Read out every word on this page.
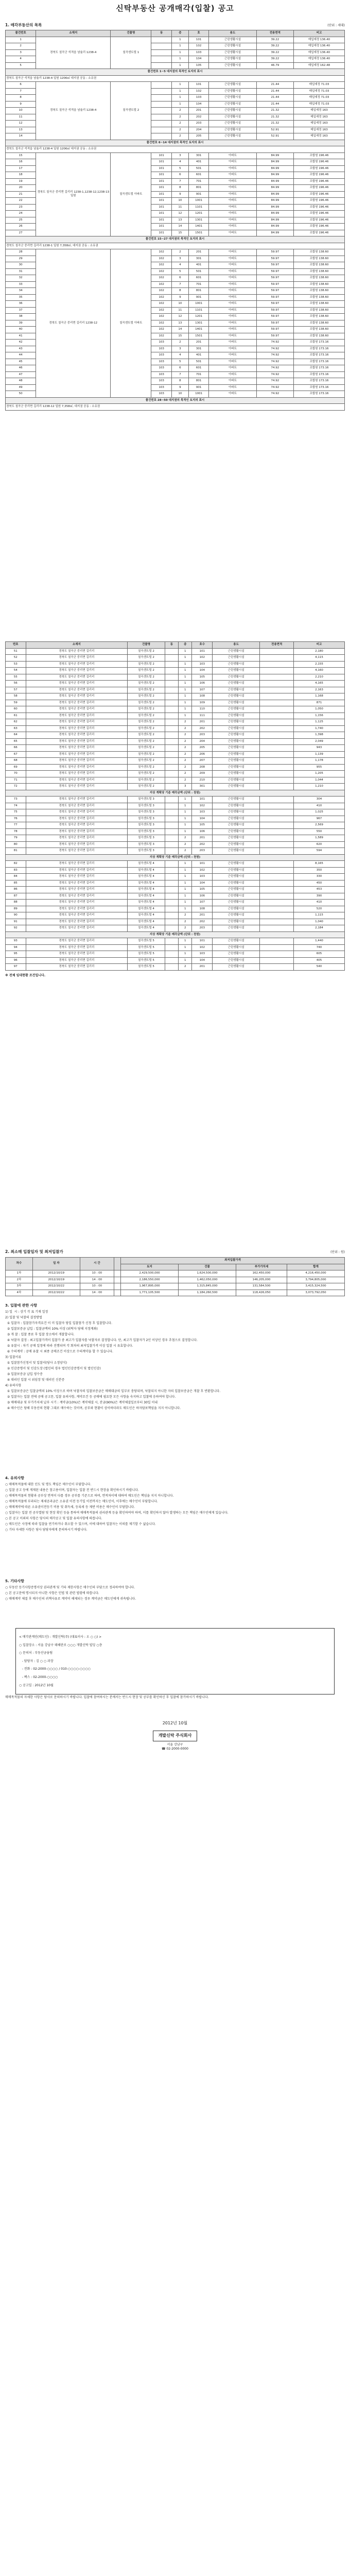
신탁부동산 공개매각(입찰) 공고
1. 매각부동산의 목록	(단위 : 세대)
물건번호	소재지	건물명	동	층	호	용도	전용면적	비고
1	경북도 칠곡군 석적읍 남율리 1238-4	칠곡센트럴 1		1	101	근린생활시설	39.22	매입예정 136.40
2				1	102	근린생활시설	39.22	매입예정 136.40
3				1	103	근린생활시설	39.22	매입예정 136.40
4				1	104	근린생활시설	39.22	매입예정 136.40
5				1	105	근린생활시설	46.79	매입예정 162.48
물건번호 1~5 대지권의 목적인 토지의 표시								
경북도 칠곡군 석적읍 남율리 1238-4 일원 1206㎡ 대지권 공동 : 소유권								
6	경북도 칠곡군 석적읍 남율리 1238-4	칠곡센트럴 2		1	101	근린생활시설	21.44	매입예정 71.03
7				1	102	근린생활시설	21.44	매입예정 71.03
8				1	103	근린생활시설	21.44	매입예정 71.03
9				1	104	근린생활시설	21.44	매입예정 71.03
10				2	201	근린생활시설	21.32	매입예정 163
11				2	202	근린생활시설	21.32	매입예정 163
12				2	203	근린생활시설	21.32	매입예정 163
13				2	204	근린생활시설	52.91	매입예정 163
14				2	205	근린생활시설	52.91	매입예정 163
물건번호 6~14 대지권의 목적인 토지의 표시								
경북도 칠곡군 석적읍 남율리 1238-4 일원 1206㎡ 대지권 공동 : 소유권								
15	경북도 칠곡군 중리면 길리리 1238-1,1238-12,1238-13 일원	칠곡센트럴 아파트	101	3	301	아파트	84.99	조합원 196.46
16			101	4	401	아파트	84.99	조합원 196.46
17			101	5	501	아파트	84.99	조합원 196.46
18			101	6	601	아파트	84.99	조합원 196.46
19			101	7	701	아파트	84.99	조합원 196.46
20			101	8	801	아파트	84.99	조합원 196.46
21			101	9	901	아파트	84.99	조합원 196.46
22			101	10	1001	아파트	84.99	조합원 196.46
23			101	11	1101	아파트	84.99	조합원 196.46
24			101	12	1201	아파트	84.99	조합원 196.46
25			101	13	1301	아파트	84.99	조합원 196.46
26			101	14	1401	아파트	84.99	조합원 196.46
27			101	15	1501	아파트	84.99	조합원 196.46
물건번호 15~27 대지권의 목적인 토지의 표시								
경북도 칠곡군 중리면 길리리 1238-1 일원 7,358㎡, 대지권 공동 : 소유권								
28	경북도 칠곡군 중리면 길리리 1238-12	칠곡센트럴 아파트	102	2	201	아파트	59.97	조합원 138.60
29			102	3	301	아파트	59.97	조합원 138.60
30			102	4	401	아파트	59.97	조합원 138.60
31			102	5	501	아파트	59.97	조합원 138.60
32			102	6	601	아파트	59.97	조합원 138.60
33			102	7	701	아파트	59.97	조합원 138.60
34			102	8	801	아파트	59.97	조합원 138.60
35			102	9	901	아파트	59.97	조합원 138.60
36			102	10	1001	아파트	59.97	조합원 138.60
37			102	11	1101	아파트	59.97	조합원 138.60
38			102	12	1201	아파트	59.97	조합원 138.60
39			102	13	1301	아파트	59.97	조합원 138.60
40			102	14	1401	아파트	59.97	조합원 138.60
41			102	15	1501	아파트	59.97	조합원 138.60
42			103	2	201	아파트	74.92	조합원 173.16
43			103	3	301	아파트	74.92	조합원 173.16
44			103	4	401	아파트	74.92	조합원 173.16
45			103	5	501	아파트	74.92	조합원 173.16
46			103	6	601	아파트	74.92	조합원 173.16
47			103	7	701	아파트	74.92	조합원 173.16
48			103	8	801	아파트	74.92	조합원 173.16
49			103	9	901	아파트	74.92	조합원 173.16
50			103	10	1001	아파트	74.92	조합원 173.16
물건번호 28~50 대지권의 목적인 토지의 표시								
경북도 칠곡군 중리면 길리리 1238-12 일원 7,358㎡, 대지권 공동 : 소유권								
번호	소재지	건물명	동	층	호수	용도	전용면적	비고
51	경북도 칠곡군 중리면 길리리	칠곡센트럴 2		1	101	근린생활시설		2,180
52	경북도 칠곡군 중리면 길리리	칠곡센트럴 2		1	102	근린생활시설		4,115
53	경북도 칠곡군 중리면 길리리	칠곡센트럴 2		1	103	근린생활시설		2,155
54	경북도 칠곡군 중리면 길리리	칠곡센트럴 2		1	104	근린생활시설		4,160
55	경북도 칠곡군 중리면 길리리	칠곡센트럴 2		1	105	근린생활시설		2,210
56	경북도 칠곡군 중리면 길리리	칠곡센트럴 2		1	106	근린생활시설		4,165
57	경북도 칠곡군 중리면 길리리	칠곡센트럴 2		1	107	근린생활시설		2,163
58	경북도 칠곡군 중리면 길리리	칠곡센트럴 2		1	108	근린생활시설		1,168
59	경북도 칠곡군 중리면 길리리	칠곡센트럴 2		1	109	근린생활시설		871
60	경북도 칠곡군 중리면 길리리	칠곡센트럴 2		1	110	근린생활시설		1,050
61	경북도 칠곡군 중리면 길리리	칠곡센트럴 2		1	111	근린생활시설		1,156
62	경북도 칠곡군 중리면 길리리	칠곡센트럴 2		2	201	근린생활시설		1,125
63	경북도 칠곡군 중리면 길리리	칠곡센트럴 2		2	202	근린생활시설		1,740
64	경북도 칠곡군 중리면 길리리	칠곡센트럴 2		2	203	근린생활시설		1,398
65	경북도 칠곡군 중리면 길리리	칠곡센트럴 2		2	204	근린생활시설		2,049
66	경북도 칠곡군 중리면 길리리	칠곡센트럴 2		2	205	근린생활시설		943
67	경북도 칠곡군 중리면 길리리	칠곡센트럴 2		2	206	근린생활시설		1,139
68	경북도 칠곡군 중리면 길리리	칠곡센트럴 2		2	207	근린생활시설		1,178
69	경북도 칠곡군 중리면 길리리	칠곡센트럴 2		2	208	근린생활시설		955
70	경북도 칠곡군 중리면 길리리	칠곡센트럴 2		2	209	근린생활시설		1,205
71	경북도 칠곡군 중리면 길리리	칠곡센트럴 2		2	210	근린생활시설		1,044
72	경북도 칠곡군 중리면 길리리	칠곡센트럴 2		3	301	근린생활시설		1,210
지상 계획당 기준 매각금액 (단위 : 천원)								
73	경북도 칠곡군 중리면 길리리	칠곡센트럴 3		1	101	근린생활시설		304
74	경북도 칠곡군 중리면 길리리	칠곡센트럴 3		1	102	근린생활시설		410
75	경북도 칠곡군 중리면 길리리	칠곡센트럴 3		1	103	근린생활시설		1,025
76	경북도 칠곡군 중리면 길리리	칠곡센트럴 3		1	104	근린생활시설		967
77	경북도 칠곡군 중리면 길리리	칠곡센트럴 3		1	105	근린생활시설		2,569
78	경북도 칠곡군 중리면 길리리	칠곡센트럴 3		1	106	근린생활시설		550
79	경북도 칠곡군 중리면 길리리	칠곡센트럴 3		2	201	근린생활시설		1,589
80	경북도 칠곡군 중리면 길리리	칠곡센트럴 3		2	202	근린생활시설		620
81	경북도 칠곡군 중리면 길리리	칠곡센트럴 3		2	203	근린생활시설		594
지상 계획당 기준 매각금액 (단위 : 천원)								
82	경북도 칠곡군 중리면 길리리	칠곡센트럴 4		1	101	근린생활시설		8,165
83	경북도 칠곡군 중리면 길리리	칠곡센트럴 4		1	102	근린생활시설		350
84	경북도 칠곡군 중리면 길리리	칠곡센트럴 4		1	103	근린생활시설		330
85	경북도 칠곡군 중리면 길리리	칠곡센트럴 4		1	104	근린생활시설		450
86	경북도 칠곡군 중리면 길리리	칠곡센트럴 4		1	105	근린생활시설		453
87	경북도 칠곡군 중리면 길리리	칠곡센트럴 4		1	106	근린생활시설		390
88	경북도 칠곡군 중리면 길리리	칠곡센트럴 4		1	107	근린생활시설		410
89	경북도 칠곡군 중리면 길리리	칠곡센트럴 4		1	108	근린생활시설		520
90	경북도 칠곡군 중리면 길리리	칠곡센트럴 4		2	201	근린생활시설		1,115
91	경북도 칠곡군 중리면 길리리	칠곡센트럴 4		2	202	근린생활시설		1,040
92	경북도 칠곡군 중리면 길리리	칠곡센트럴 4		2	203	근린생활시설		2,184
지상 계획당 기준 매각금액 (단위 : 천원)								
93	경북도 칠곡군 중리면 길리리	칠곡센트럴 5		1	101	근린생활시설		1,440
94	경북도 칠곡군 중리면 길리리	칠곡센트럴 5		1	102	근린생활시설		740
95	경북도 칠곡군 중리면 길리리	칠곡센트럴 5		1	103	근린생활시설		605
96	경북도 칠곡군 중리면 길리리	칠곡센트럴 5		1	104	근린생활시설		405
97	경북도 칠곡군 중리면 길리리	칠곡센트럴 5		2	201	근린생활시설		540
※ 전체 임대현황 조건입니다.
2. 최소매 입찰일자 및 최저입찰가	(단위 : 원)
차수	일 자	시 간		최저입찰가격			
				토지	건물	부가가치세	합계
1차	2012/10/19	10 : 00		2,429,500,000	1,624,500,000	162,450,000	4,216,450,000
2차	2012/10/19	14 : 00		2,186,550,000	1,462,050,000	146,205,000	3,794,805,000
3차	2012/10/22	10 : 00		1,967,895,000	1,315,845,000	131,584,500	3,415,324,500
4차	2012/10/22	14 : 00		1,771,105,500	1,184,260,500	118,426,050	3,073,792,050
3. 입찰에 관한 사항

1) 일  시 : 상기 각 표 기재 일정

2) 입찰 및 낙찰의 결정방법

① 입찰자 : 입찰참가자격요건 이 미 입찰자 당일 입찰참가 신청 후 입찰합니다.

② 입찰보증금 납입 : 입찰금액의 10% 이상 (위탁자 당해 지정계좌)

③ 개 찰 : 입찰 종료 후 입찰 장소에서 개찰합니다.

④ 낙찰자 결정 : 최고입찰가격이 입찰가 중 최고가 입찰자를 낙찰자로 결정합니다. 단, 최고가 입찰자가 2인 이상인 경우 추첨으로 결정합니다.

⑤ 유찰시 : 차기 공매 일정에 따라 진행되며 각 회차의 최저입찰가격 이상 입찰 시 유효합니다.

⑥ 수의계약 : 공매 유찰 시 최종 공매조건 이상으로 수의계약을 할 수 있습니다.

3) 입찰서류

① 입찰참가신청서 및 입찰서(당사 소정양식)

② 인감증명서 및 인감도장 (법인의 경우 법인인감증명서 및 법인인감)

③ 입찰보증금 납입 영수증

④ 대리인 입찰 시 위임장 및 대리인 신분증

4) 유의사항

① 입찰보증금은 입찰금액의 10% 이상으로 하며 낙찰자의 입찰보증금은 매매대금의 일부로 충당되며, 낙찰되지 아니한 자의 입찰보증금은 개찰 후 반환합니다.

② 입찰자는 입찰 전에 공매 공고문, 입찰 유의사항, 계약조건 등 공매에 필요한 모든 사항을 숙지하고 입찰에 응하여야 합니다.

③ 매매대금 및 부가가치세 납부 시기 : 계약금(10%)은 계약체결 시, 잔금(90%)은 계약체결일로부터 30일 이내

④ 매수인은 당해 부동산의 현황 그대로 매수하는 것이며, 공부와 현황이 상이하더라도 매도인은 하자담보책임을 지지 아니합니다.

4. 유의사항

○ 매매목적물에 대한 인도 및 명도 책임은 매수인이 부담합니다.

○ 입찰 공고 등에 게재된 내용은 참고용이며, 입찰자는 입찰 전 반드시 현장을 확인하시기 바랍니다.

○ 매매목적물의 현황과 공부상 면적이 다를 경우 공부를 기준으로 하며, 면적차이에 대하여 매도인은 책임을 지지 아니합니다.

○ 매매목적물에 부과되는 제세공과금은 소유권 이전 등기일 이전까지는 매도인이, 이후에는 매수인이 부담합니다.

○ 매매계약에 따른 소유권이전등기 비용 및 취득세, 등록세 등 제반 비용은 매수인이 부담합니다.

○ 입찰자는 입찰 전 공부열람 및 현장 확인 등을 통하여 매매목적물의 권리관계 등을 확인하여야 하며, 이를 확인하지 않아 발생하는 모든 책임은 매수인에게 있습니다.

○ 본 공고 이외의 사항은 당사의 매각공고 및 입찰 유의사항에 따릅니다.

○ 매도인은 사정에 따라 입찰을 연기하거나 취소할 수 있으며, 이에 대하여 입찰자는 이의를 제기할 수 없습니다.

○ 기타 자세한 사항은 당사 담당자에게 문의하시기 바랍니다.

5. 기타사항

○ 부동산 등기사항증명서상 권리관계 및 기타 제한사항은 매수인의 부담으로 정리하여야 합니다.

○ 본 공고문에 명시되지 아니한 사항은 민법 및 관련 법령에 따릅니다.

○ 매매계약 체결 후 매수인의 귀책사유로 계약이 해제되는 경우 계약금은 매도인에게 귀속됩니다.

< 매각관계인(매도인) : 개발신탁(주) (대표이사 : 오 ○ ○) >

○ 입찰장소 : 서울 강남구 테헤란로 ○○○ 개발신탁 빌딩 ○층

○ 문의처 : 부동산금융팀

- 담당자 : 김 ○ ○ 과장

- 전화 : 02-2000-○○○○ / 010-○○○○-○○○○

- 팩스 : 02-2000-○○○○

○ 공고일 : 2012년 10월

매매목적물의 자세한 사항은 당사로 문의하시기 바랍니다. 입찰에 참여하시는 분께서는 반드시 현장 및 공부를 확인하신 후 입찰에 참가하시기 바랍니다.

2012년 10월
개발신탁 주식회사
서울 강남구
☎ 02-2000-0000
